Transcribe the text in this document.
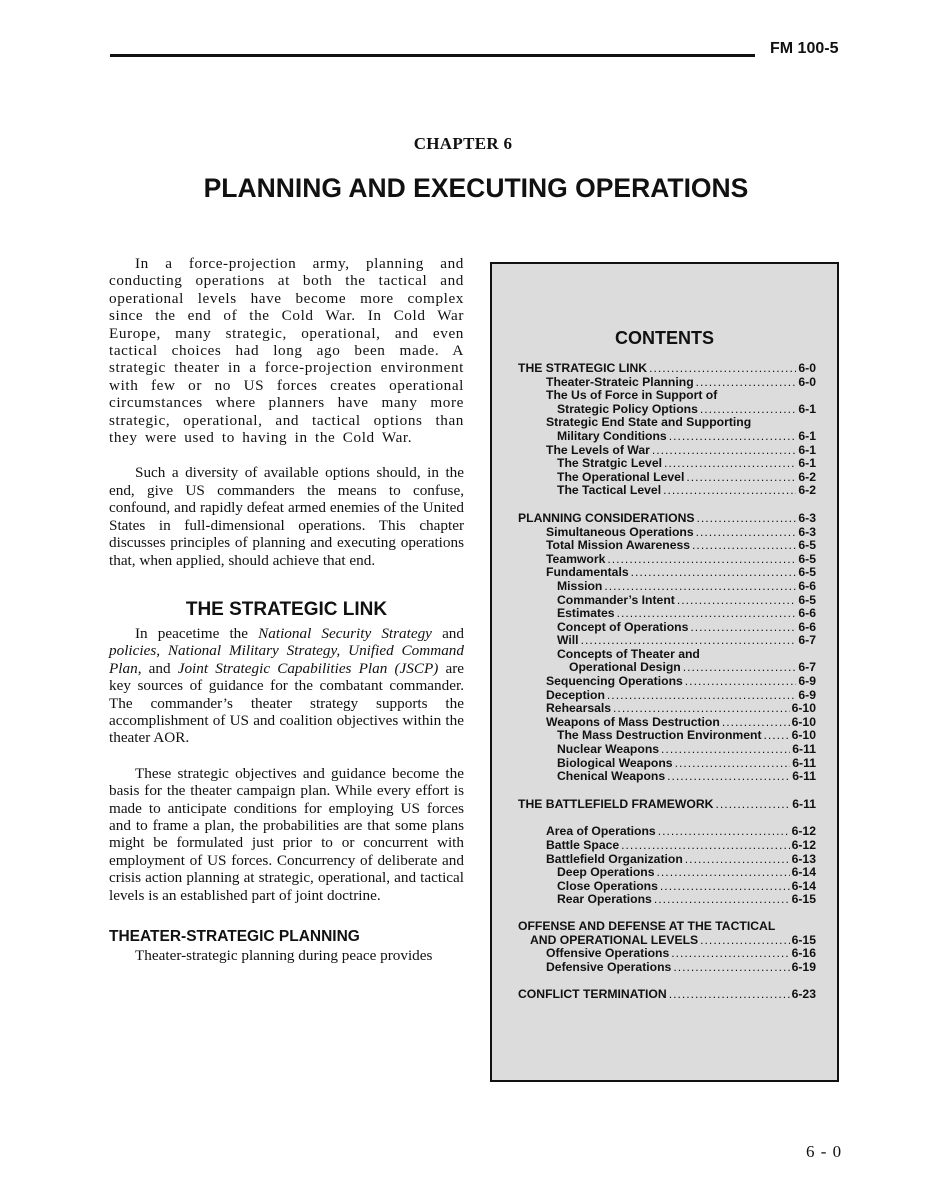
FM 100-5
CHAPTER 6
PLANNING AND EXECUTING OPERATIONS

In a force-projection army, planning and conducting operations at both the tactical and operational levels have become more complex since the end of the Cold War. In Cold War Europe, many strategic, operational, and even tactical choices had long ago been made. A strategic theater in a force-projection environment with few or no US forces creates operational circumstances where planners have many more strategic, operational, and tactical options than they were used to having in the Cold War.

Such a diversity of available options should, in the end, give US commanders the means to confuse, confound, and rapidly defeat armed enemies of the United States in full-dimensional operations. This chapter discusses principles of planning and executing operations that, when applied, should achieve that end.

THE STRATEGIC LINK

In peacetime the National Security Strategy and policies, National Military Strategy, Unified Command Plan, and Joint Strategic Capabilities Plan (JSCP) are key sources of guidance for the combatant commander. The commander’s theater strategy supports the accomplishment of US and coalition objectives within the theater AOR.

These strategic objectives and guidance become the basis for the theater campaign plan. While every effort is made to anticipate conditions for employing US forces and to frame a plan, the probabilities are that some plans might be formulated just prior to or concurrent with employment of US forces. Concurrency of deliberate and crisis action planning at strategic, operational, and tactical levels is an established part of joint doctrine.

THEATER-STRATEGIC PLANNING

Theater-strategic planning during peace provides

CONTENTS
THE STRATEGIC LINK .....	6-0
Theater-Strateic Planning .....	6-0
The Us of Force in Support of
Strategic Policy Options .....	6-1
Strategic End State and Supporting
Military Conditions .....	6-1
The Levels of War .....	6-1
The Stratgic Level .....	6-1
The Operational Level .....	6-2
The Tactical Level .....	6-2
PLANNING CONSIDERATIONS .....	6-3
Simultaneous Operations .....	6-3
Total Mission Awareness .....	6-5
Teamwork .....	6-5
Fundamentals .....	6-5
Mission .....	6-6
Commander’s Intent .....	6-5
Estimates .....	6-6
Concept of Operations .....	6-6
Will .....	6-7
Concepts of Theater and
Operational Design .....	6-7
Sequencing Operations .....	6-9
Deception .....	6-9
Rehearsals .....	6-10
Weapons of Mass Destruction .....	6-10
The Mass Destruction Environment ..... 6-10
Nuclear Weapons .....	6-11
Biological Weapons .....	6-11
Chenical Weapons .....	6-11
THE BATTLEFIELD FRAMEWORK .....	6-11
Area of Operations .....	6-12
Battle Space .....	6-12
Battlefield Organization .....	6-13
Deep Operations .....	6-14
Close Operations .....	6-14
Rear Operations .....	6-15
OFFENSE AND DEFENSE AT THE TACTICAL
AND OPERATIONAL LEVELS .....	6-15
Offensive Operations .....	6-16
Defensive Operations .....	6-19
CONFLICT TERMINATION .....	6-23
6 - 0
